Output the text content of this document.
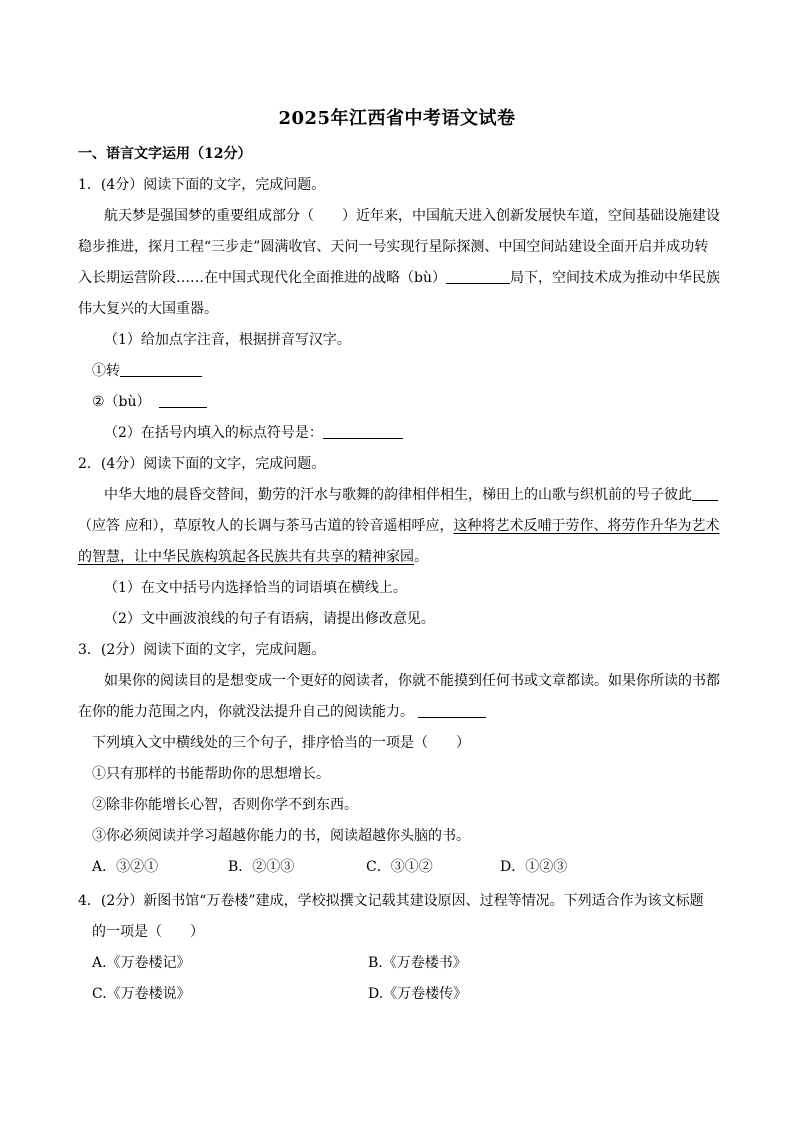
2025年江西省中考语文试卷
一、语言文字运用（12分）
1．(4分）阅读下面的文字，完成问题。
航天梦是强国梦的重要组成部分（　　）近年来，中国航天进入创新发展快车道，空间基础设施建设
稳步推进，探月工程“三步走”圆满收官、天问一号实现行星际探测、中国空间站建设全面开启并成功转
入长期运营阶段……在中国式现代化全面推进的战略（bù）	局下，空间技术成为推动中华民族
伟大复兴的大国重器。
（1）给加点字注音，根据拼音写汉字。
①转
②（bù）
（2）在括号内填入的标点符号是：
2．(4分）阅读下面的文字，完成问题。
中华大地的晨昏交替间，勤劳的汗水与歌舞的韵律相伴相生，梯田上的山歌与织机前的号子彼此
（应答 应和），草原牧人的长调与茶马古道的铃音遥相呼应，这种将艺术反哺于劳作、将劳作升华为艺术
的智慧，让中华民族构筑起各民族共有共享的精神家园。
（1）在文中括号内选择恰当的词语填在横线上。
（2）文中画波浪线的句子有语病，请提出修改意见。
3．(2分）阅读下面的文字，完成问题。
如果你的阅读目的是想变成一个更好的阅读者，你就不能摸到任何书或文章都读。如果你所读的书都
在你的能力范围之内，你就没法提升自己的阅读能力。
下列填入文中横线处的三个句子，排序恰当的一项是（　　）
①只有那样的书能帮助你的思想增长。
②除非你能增长心智，否则你学不到东西。
③你必须阅读并学习超越你能力的书，阅读超越你头脑的书。
A．③②①	B．②①③	C．③①②	D．①②③
4．(2分）新图书馆“万卷楼”建成，学校拟撰文记载其建设原因、过程等情况。下列适合作为该文标题
的一项是（　　）
A.《万卷楼记》	B.《万卷楼书》
C.《万卷楼说》	D.《万卷楼传》
